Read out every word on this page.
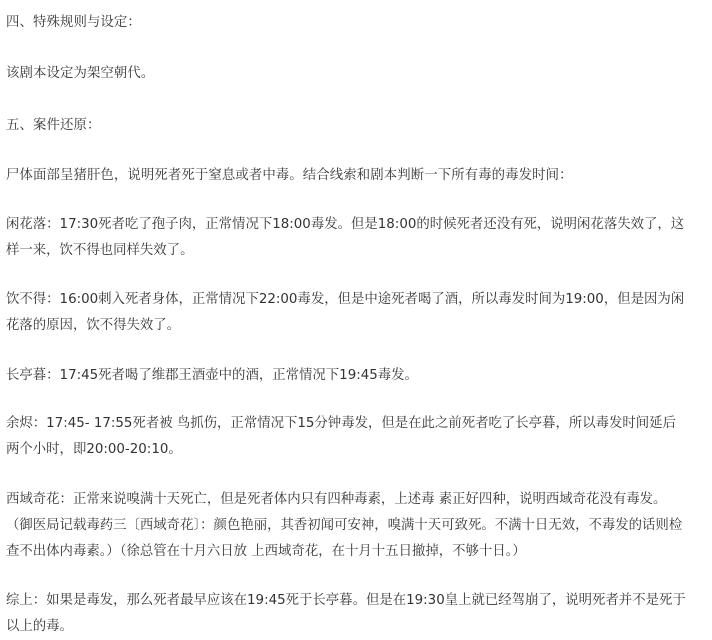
四、特殊规则与设定：
该剧本设定为架空朝代。
五、案件还原：
尸体面部呈猪肝色，说明死者死于窒息或者中毒。结合线索和剧本判断一下所有毒的毒发时间：
闲花落：17:30死者吃了孢子肉，正常情况下18:00毒发。但是18:00的时候死者还没有死，说明闲花落失效了，这
样一来，饮不得也同样失效了。
饮不得：16:00刺入死者身体，正常情况下22:00毒发，但是中途死者喝了酒，所以毒发时间为19:00，但是因为闲
花落的原因，饮不得失效了。
长亭暮：17:45死者喝了维郡王酒壶中的酒，正常情况下19:45毒发。
余烬：17:45- 17:55死者被 鸟抓伤，正常情况下15分钟毒发，但是在此之前死者吃了长亭暮，所以毒发时间延后
两个小时，即20:00-20:10。
西域奇花：正常来说嗅满十天死亡，但是死者体内只有四种毒素，上述毒 素正好四种，说明西域奇花没有毒发。
（御医局记载毒药三〔西域奇花〕：颜色艳丽，其香初闻可安神，嗅满十天可致死。不满十日无效，不毒发的话则检
查不出体内毒素。）（徐总管在十月六日放 上西域奇花，在十月十五日撤掉，不够十日。）
综上：如果是毒发，那么死者最早应该在19:45死于长亭暮。但是在19:30皇上就已经驾崩了，说明死者并不是死于
以上的毒。
